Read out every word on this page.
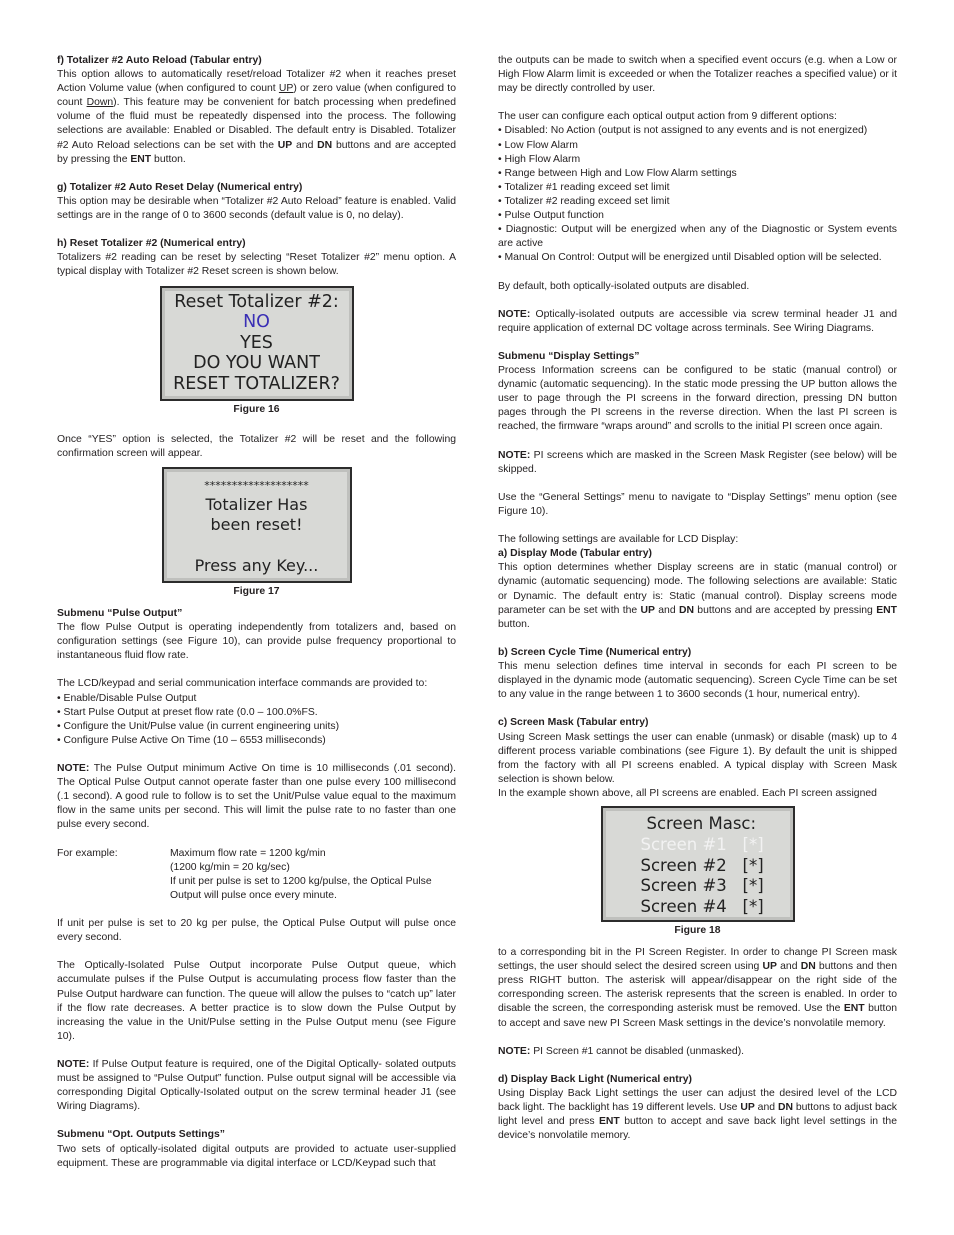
f) Totalizer #2 Auto Reload (Tabular entry)

This option allows to automatically reset/reload Totalizer #2 when it reaches preset Action Volume value (when configured to count UP) or zero value (when configured to count Down). This feature may be convenient for batch processing when predefined volume of the fluid must be repeatedly dispensed into the process. The following selections are available: Enabled or Disabled. The default entry is Disabled. Totalizer #2 Auto Reload selections can be set with the UP and DN buttons and are accepted by pressing the ENT button.

g) Totalizer #2 Auto Reset Delay (Numerical entry)

This option may be desirable when “Totalizer #2 Auto Reload” feature is enabled. Valid settings are in the range of 0 to 3600 seconds (default value is 0, no delay).

h) Reset Totalizer #2 (Numerical entry)

Totalizers #2 reading can be reset by selecting “Reset Totalizer #2” menu option. A typical display with Totalizer #2 Reset screen is shown below.

Reset Totalizer #2:
NO
YES
DO YOU WANT
RESET TOTALIZER?
Figure 16

Once “YES” option is selected, the Totalizer #2 will be reset and the following confirmation screen will appear.

*******************
Totalizer Has
been reset!
Press any Key...
Figure 17

Submenu “Pulse Output”

The flow Pulse Output is operating independently from totalizers and, based on configuration settings (see Figure 10), can provide pulse frequency proportional to instantaneous fluid flow rate.

The LCD/keypad and serial communication interface commands are provided to:

• Enable/Disable Pulse Output
• Start Pulse Output at preset flow rate (0.0 – 100.0%FS.
• Configure the Unit/Pulse value (in current engineering units)
• Configure Pulse Active On Time (10 – 6553 milliseconds)

NOTE: The Pulse Output minimum Active On time is 10 milliseconds (.01 second). The Optical Pulse Output cannot operate faster than one pulse every 100 millisecond (.1 second). A good rule to follow is to set the Unit/Pulse value equal to the maximum flow in the same units per second. This will limit the pulse rate to no faster than one pulse every second.

For example:	Maximum flow rate = 1200 kg/min
(1200 kg/min = 20 kg/sec)
If unit per pulse is set to 1200 kg/pulse, the Optical Pulse
Output will pulse once every minute.

If unit per pulse is set to 20 kg per pulse, the Optical Pulse Output will pulse once every second.

The Optically-Isolated Pulse Output incorporate Pulse Output queue, which accumulate pulses if the Pulse Output is accumulating process flow faster than the Pulse Output hardware can function. The queue will allow the pulses to “catch up” later if the flow rate decreases. A better practice is to slow down the Pulse Output by increasing the value in the Unit/Pulse setting in the Pulse Output menu (see Figure 10).

NOTE: If Pulse Output feature is required, one of the Digital Optically- solated outputs must be assigned to “Pulse Output” function. Pulse output signal will be accessible via corresponding Digital Optically-Isolated output on the screw terminal header J1 (see Wiring Diagrams).

Submenu “Opt. Outputs Settings”

Two sets of optically-isolated digital outputs are provided to actuate user-supplied equipment. These are programmable via digital interface or LCD/Keypad such that

the outputs can be made to switch when a specified event occurs (e.g. when a Low or High Flow Alarm limit is exceeded or when the Totalizer reaches a specified value) or it may be directly controlled by user.

The user can configure each optical output action from 9 different options:

• Disabled: No Action (output is not assigned to any events and is not energized)
• Low Flow Alarm
• High Flow Alarm
• Range between High and Low Flow Alarm settings
• Totalizer #1 reading exceed set limit
• Totalizer #2 reading exceed set limit
• Pulse Output function
• Diagnostic: Output will be energized when any of the Diagnostic or System events are active
• Manual On Control: Output will be energized until Disabled option will be selected.

By default, both optically-isolated outputs are disabled.

NOTE: Optically-isolated outputs are accessible via screw terminal header J1 and require application of external DC voltage across terminals. See Wiring Diagrams.

Submenu “Display Settings”

Process Information screens can be configured to be static (manual control) or dynamic (automatic sequencing). In the static mode pressing the UP button allows the user to page through the PI screens in the forward direction, pressing DN button pages through the PI screens in the reverse direction. When the last PI screen is reached, the firmware “wraps around” and scrolls to the initial PI screen once again.

NOTE: PI screens which are masked in the Screen Mask Register (see below) will be skipped.

Use the “General Settings” menu to navigate to “Display Settings” menu option (see Figure 10).

The following settings are available for LCD Display:

a) Display Mode (Tabular entry)

This option determines whether Display screens are in static (manual control) or dynamic (automatic sequencing) mode. The following selections are available: Static or Dynamic. The default entry is: Static (manual control). Display screens mode parameter can be set with the UP and DN buttons and are accepted by pressing ENT button.

b) Screen Cycle Time (Numerical entry)

This menu selection defines time interval in seconds for each PI screen to be displayed in the dynamic mode (automatic sequencing). Screen Cycle Time can be set to any value in the range between 1 to 3600 seconds (1 hour, numerical entry).

c) Screen Mask (Tabular entry)

Using Screen Mask settings the user can enable (unmask) or disable (mask) up to 4 different process variable combinations (see Figure 1). By default the unit is shipped from the factory with all PI screens enabled. A typical display with Screen Mask selection is shown below.

In the example shown above, all PI screens are enabled. Each PI screen assigned

Screen Masc:
Screen #1   [*]
Screen #2   [*]
Screen #3   [*]
Screen #4   [*]
Figure 18

to a corresponding bit in the PI Screen Register. In order to change PI Screen mask settings, the user should select the desired screen using UP and DN buttons and then press RIGHT button. The asterisk will appear/disappear on the right side of the corresponding screen. The asterisk represents that the screen is enabled. In order to disable the screen, the corresponding asterisk must be removed. Use the ENT button to accept and save new PI Screen Mask settings in the device’s nonvolatile memory.

NOTE: PI Screen #1 cannot be disabled (unmasked).

d) Display Back Light (Numerical entry)

Using Display Back Light settings the user can adjust the desired level of the LCD back light. The backlight has 19 different levels. Use UP and DN buttons to adjust back light level and press ENT button to accept and save back light level settings in the device’s nonvolatile memory.
